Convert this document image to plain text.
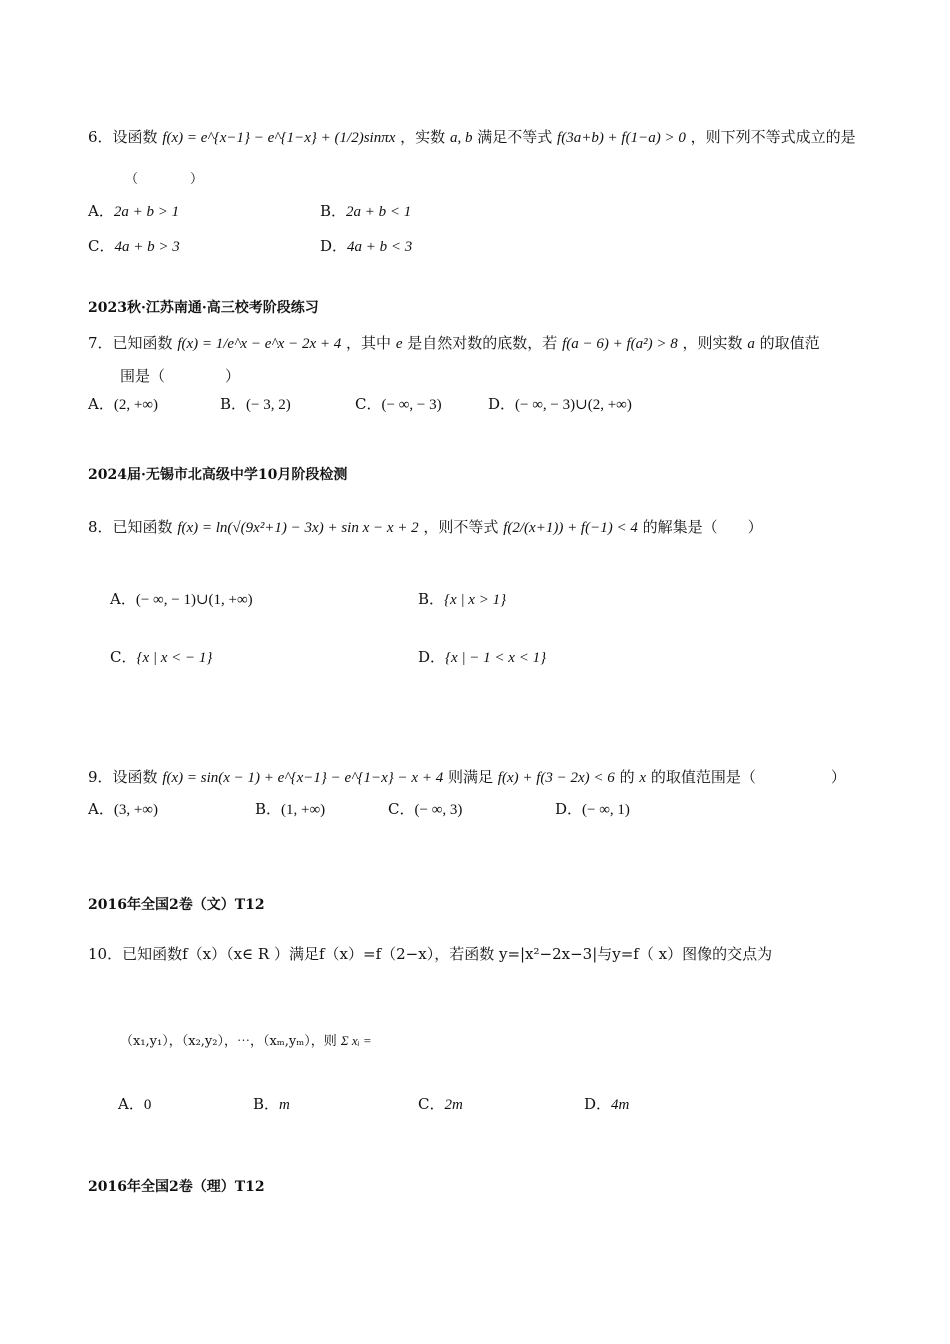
6．设函数 f(x) = e^{x−1} − e^{1−x} + (1/2)sinπx ，实数 a, b 满足不等式 f(3a+b) + f(1−a) > 0 ，则下列不等式成立的是
（　　　　）
A．2a + b > 1	B．2a + b < 1
C．4a + b > 3	D．4a + b < 3
2023秋·江苏南通·高三校考阶段练习
7．已知函数 f(x) = 1/e^x − e^x − 2x + 4 ，其中 e 是自然对数的底数，若 f(a − 6) + f(a²) > 8 ，则实数 a 的取值范
围是（　　　　）
A．(2, +∞)	B．(− 3, 2)	C．(− ∞, − 3)	D．(− ∞, − 3)∪(2, +∞)
2024届·无锡市北高级中学10月阶段检测
8．已知函数 f(x) = ln(√(9x²+1) − 3x) + sin x − x + 2 ，则不等式 f(2/(x+1)) + f(−1) < 4 的解集是（　　）
A．(− ∞, − 1)∪(1, +∞)	B．{x | x > 1}
C．{x | x < − 1}	D．{x | − 1 < x < 1}
9．设函数 f(x) = sin(x − 1) + e^{x−1} − e^{1−x} − x + 4 则满足 f(x) + f(3 − 2x) < 6 的 x 的取值范围是（　　　　　）
A．(3, +∞)	B．(1, +∞)	C．(− ∞, 3)	D．(− ∞, 1)
2016年全国2卷（文）T12
10．已知函数f（x）（x∈ R ）满足f（x）=f（2−x），若函数 y=|x²−2x−3|与y=f（ x）图像的交点为
（x₁,y₁），（x₂,y₂），⋯，（xₘ,yₘ），则 Σ xᵢ =
A．0	B．m	C．2m	D．4m
2016年全国2卷（理）T12
